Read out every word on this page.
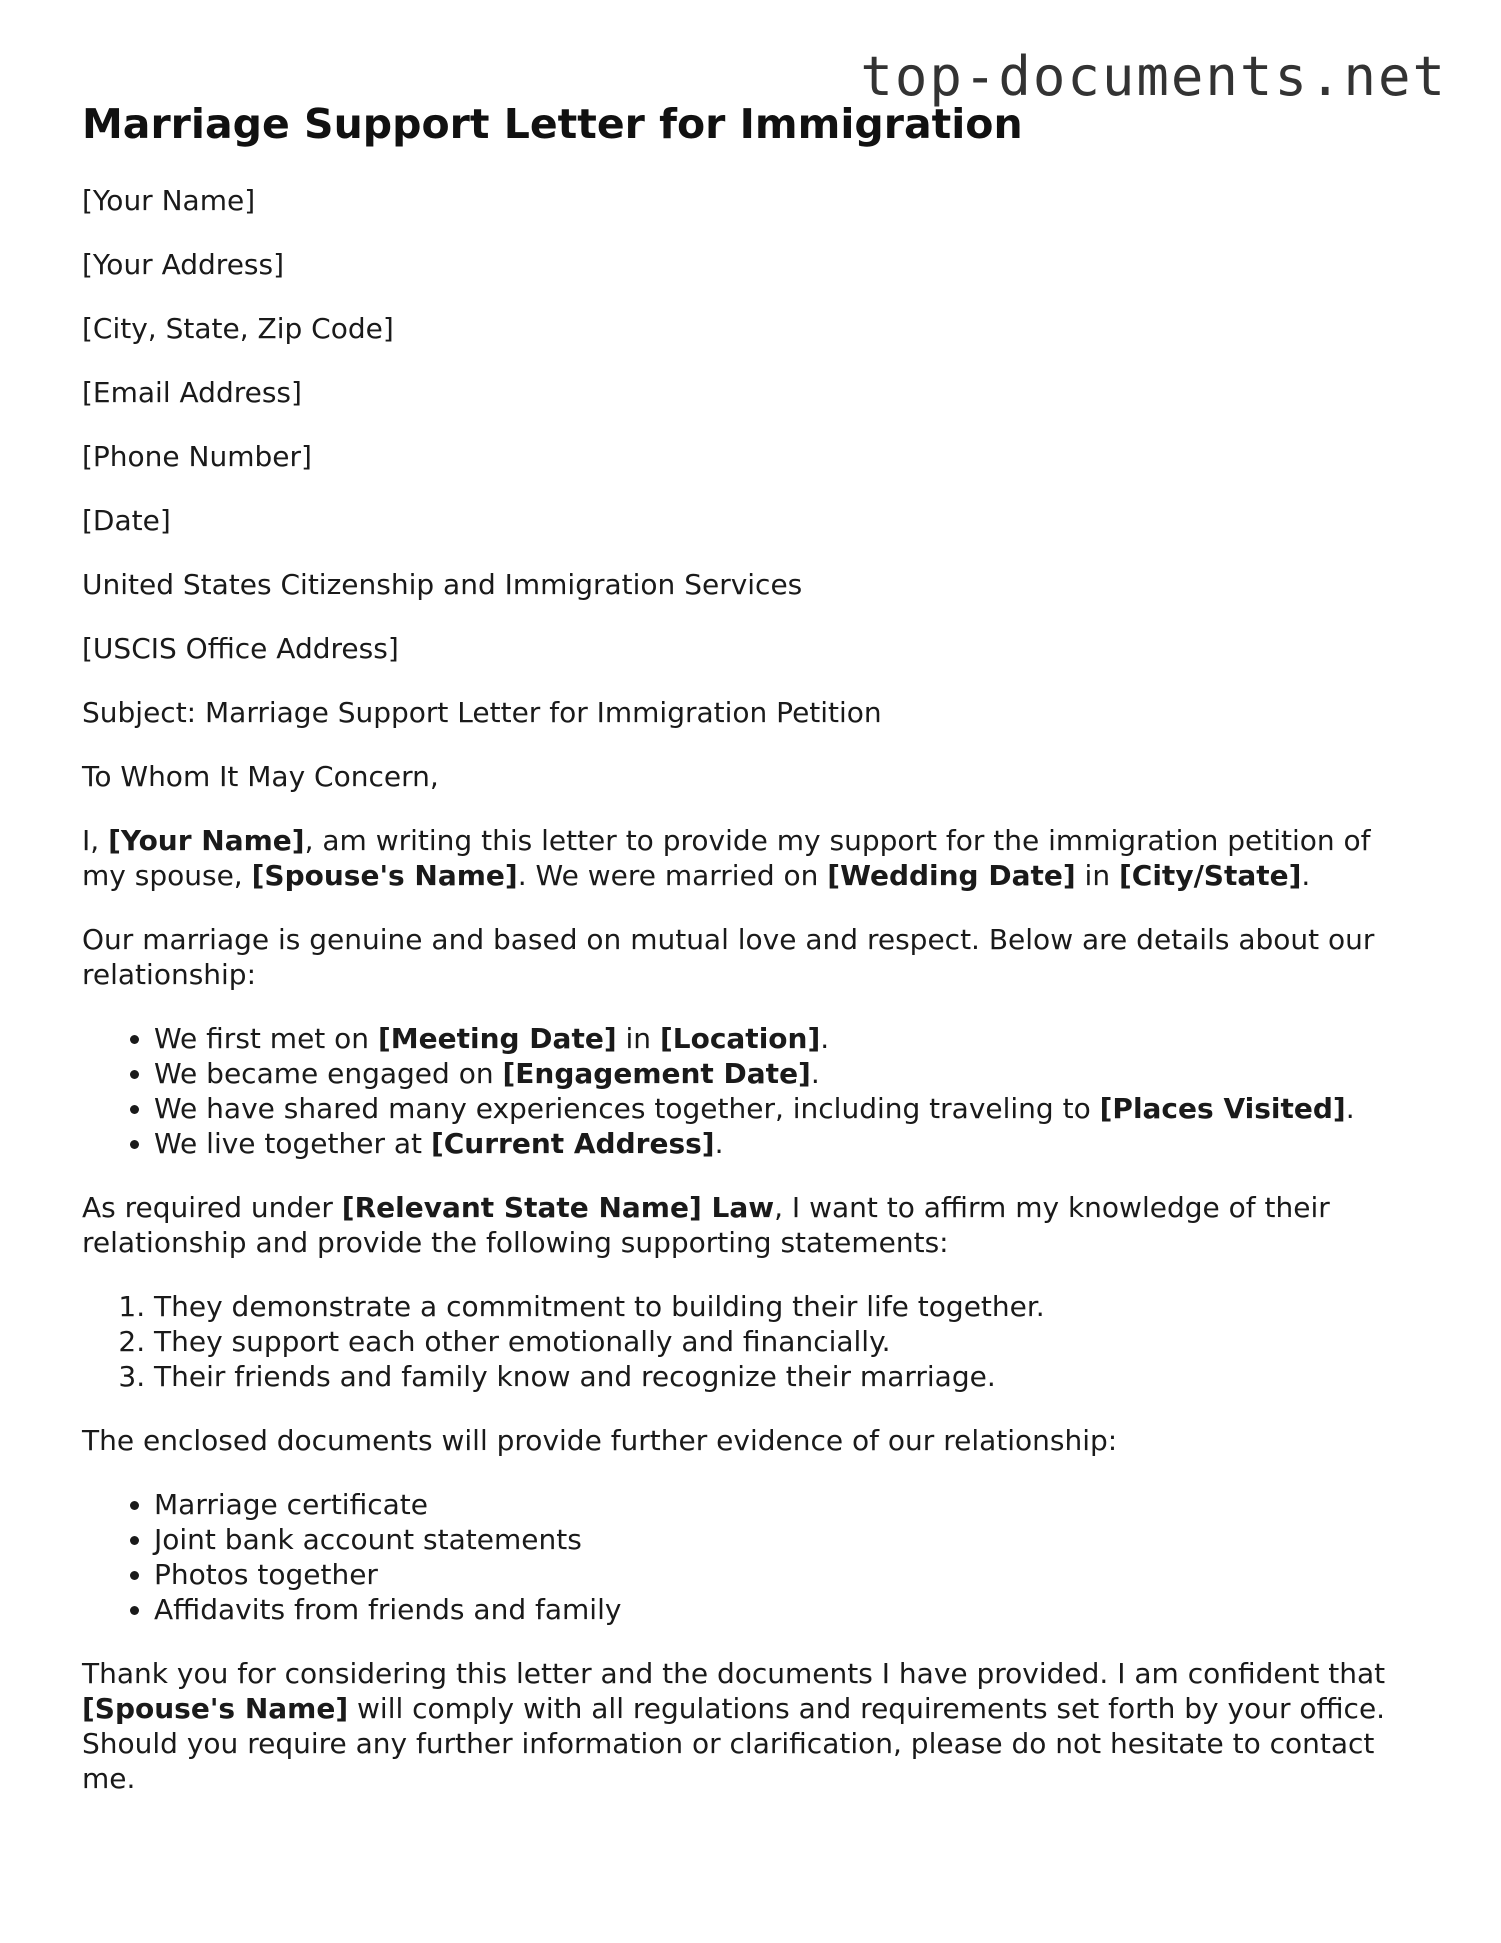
top-documents.net
Marriage Support Letter for Immigration

[Your Name]

[Your Address]

[City, State, Zip Code]

[Email Address]

[Phone Number]

[Date]

United States Citizenship and Immigration Services

[USCIS Office Address]

Subject: Marriage Support Letter for Immigration Petition

To Whom It May Concern,

I, [Your Name], am writing this letter to provide my support for the immigration petition of my spouse, [Spouse's Name]. We were married on [Wedding Date] in [City/State].

Our marriage is genuine and based on mutual love and respect. Below are details about our relationship:

• We first met on [Meeting Date] in [Location].
• We became engaged on [Engagement Date].
• We have shared many experiences together, including traveling to [Places Visited].
• We live together at [Current Address].

As required under [Relevant State Name] Law, I want to affirm my knowledge of their relationship and provide the following supporting statements:

1. They demonstrate a commitment to building their life together.
2. They support each other emotionally and financially.
3. Their friends and family know and recognize their marriage.

The enclosed documents will provide further evidence of our relationship:

• Marriage certificate
• Joint bank account statements
• Photos together
• Affidavits from friends and family

Thank you for considering this letter and the documents I have provided. I am confident that [Spouse's Name] will comply with all regulations and requirements set forth by your office. Should you require any further information or clarification, please do not hesitate to contact me.
